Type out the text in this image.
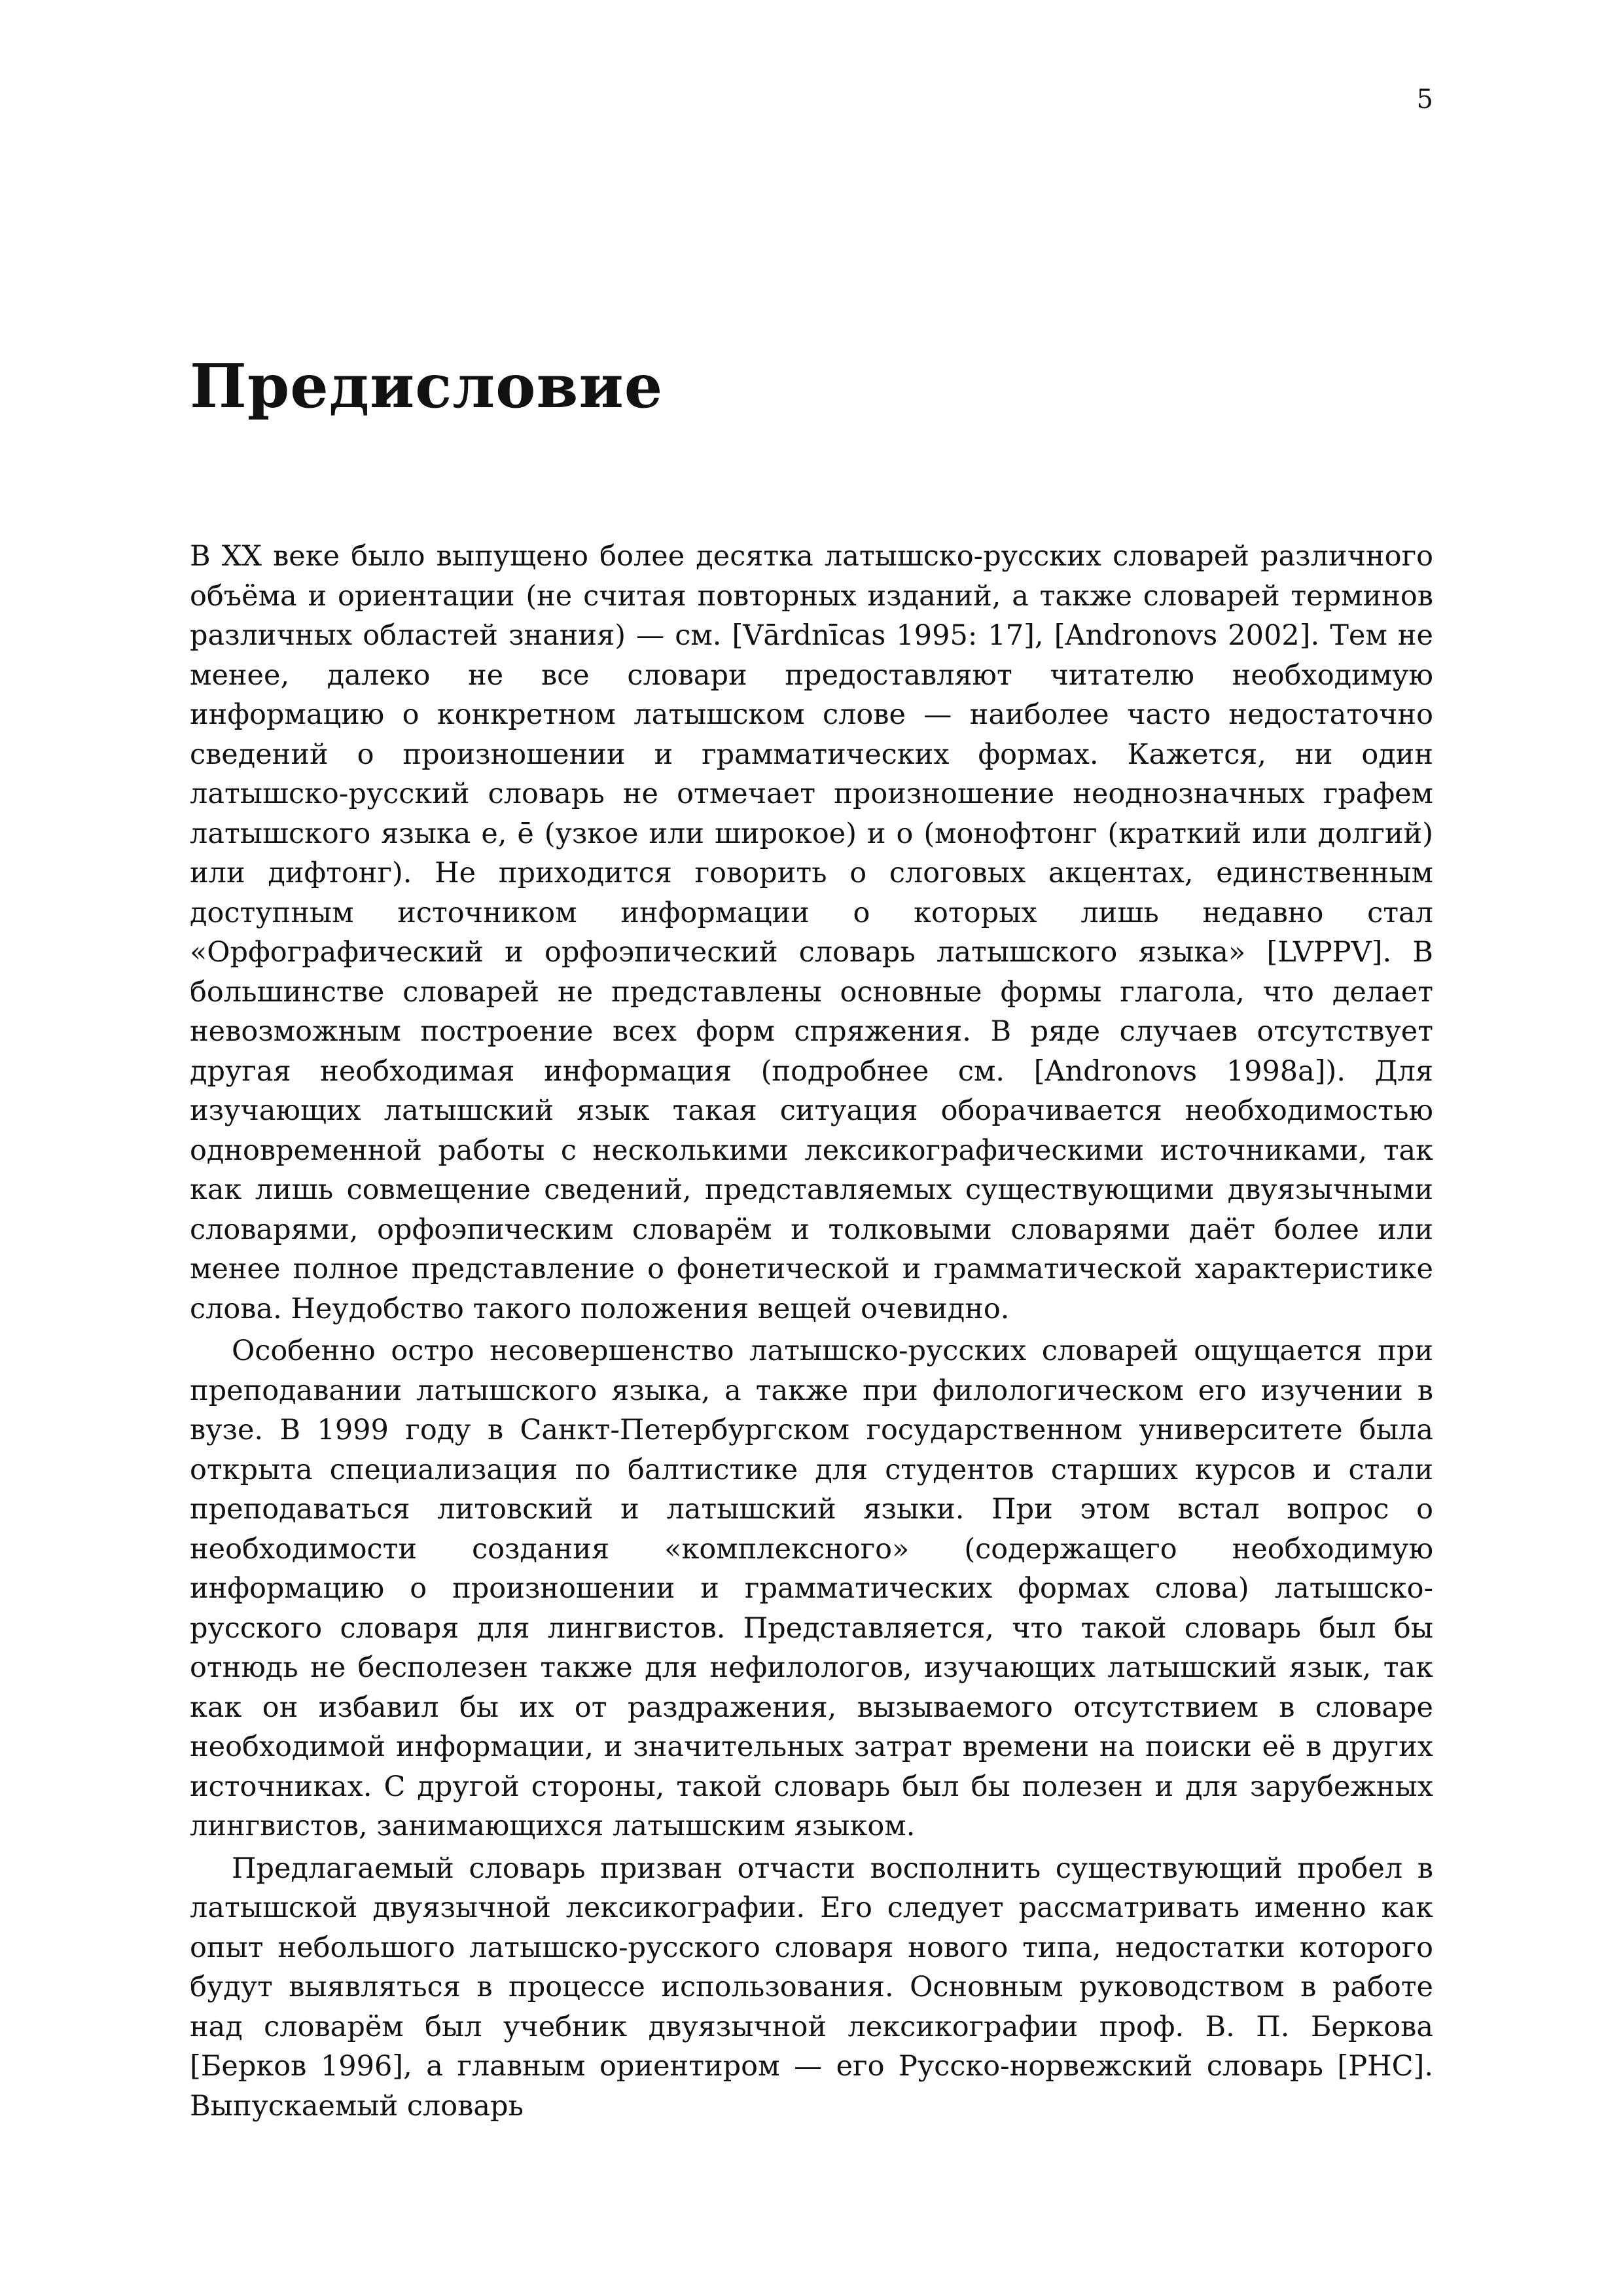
5
Предисловие

В XX веке было выпущено более десятка латышско-русских словарей различного объёма и ориентации (не считая повторных изданий, а также словарей терминов различных областей знания) — см. [Vārdnīcas 1995: 17], [Andronovs 2002]. Тем не менее, далеко не все словари предоставляют читателю необходимую информацию о конкретном латышском слове — наиболее часто недостаточно сведений о произношении и грамматических формах. Кажется, ни один латышско-русский словарь не отмечает произношение неоднозначных графем латышского языка e, ē (узкое или широкое) и o (монофтонг (краткий или долгий) или дифтонг). Не приходится говорить о слоговых акцентах, единственным доступным источником информации о которых лишь недавно стал «Орфографический и орфоэпический словарь латышского языка» [LVPPV]. В большинстве словарей не представлены основные формы глагола, что делает невозможным построение всех форм спряжения. В ряде случаев отсутствует другая необходимая информация (подробнее см. [Andronovs 1998a]). Для изучающих латышский язык такая ситуация оборачивается необходимостью одновременной работы с несколькими лексикографическими источниками, так как лишь совмещение сведений, представляемых существующими двуязычными словарями, орфоэпическим словарём и толковыми словарями даёт более или менее полное представление о фонетической и грамматической характеристике слова. Неудобство такого положения вещей очевидно.

Особенно остро несовершенство латышско-русских словарей ощущается при преподавании латышского языка, а также при филологическом его изучении в вузе. В 1999 году в Санкт-Петербургском государственном университете была открыта специализация по балтистике для студентов старших курсов и стали преподаваться литовский и латышский языки. При этом встал вопрос о необходимости создания «комплексного» (содержащего необходимую информацию о произношении и грамматических формах слова) латышско-русского словаря для лингвистов. Представляется, что такой словарь был бы отнюдь не бесполезен также для нефилологов, изучающих латышский язык, так как он избавил бы их от раздражения, вызываемого отсутствием в словаре необходимой информации, и значительных затрат времени на поиски её в других источниках. С другой стороны, такой словарь был бы полезен и для зарубежных лингвистов, занимающихся латышским языком.

Предлагаемый словарь призван отчасти восполнить существующий пробел в латышской двуязычной лексикографии. Его следует рассматривать именно как опыт небольшого латышско-русского словаря нового типа, недостатки которого будут выявляться в процессе использования. Основным руководством в работе над словарём был учебник двуязычной лексикографии проф. В. П. Беркова [Берков 1996], а главным ориентиром — его Русско-норвежский словарь [РНС]. Выпускаемый словарь
